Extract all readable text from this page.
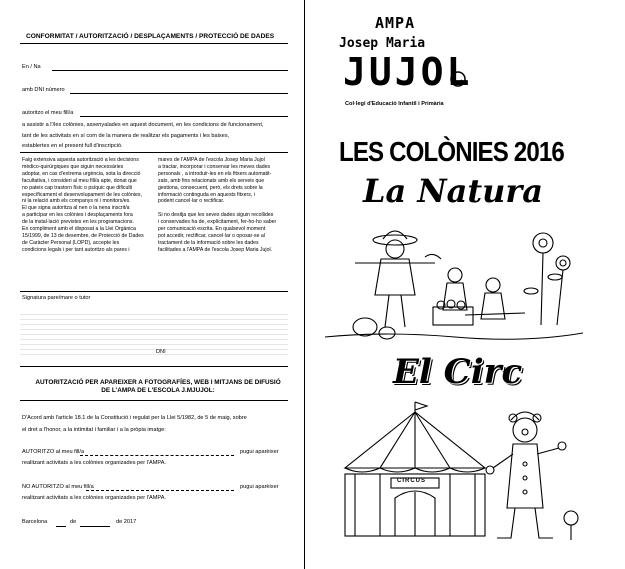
CONFORMITAT / AUTORITZACIÓ / DESPLAÇAMENTS / PROTECCIÓ DE DADES
En / Na
amb DNI número
autoritzo el meu fill/a
a assistir a l'/les colònies, assenyalades en aquest document, en les condicions de funcionament,
tant de les activitats en sí com de la manera de realitzar els pagaments i les baixes,
establertes en el present full d'inscripció.
Faig extensiva aquesta autorització a les decisions
mèdico-quirúrgiques que siguin necessàries
adoptar, en cas d'extrema urgència, sota la direcció
facultativa, i consideri al meu fill/a apte, donat que
no pateix cap trastorn físic o psíquic que dificulti
específicament el desenvolupament de les colònies,
ni la relació amb els companys ni i monitors/es.
El que signa autoritza al nen o la nena inscrit/a
a participar en les colònies i desplaçaments fora
de la instal·lació previstes en les programacions.
En compliment amb el disposat a la Llei Orgànica
15/1999, de 13 de desembre, de Protecció de Dades
de Caràcter Personal (LOPD), accepte les
condicions legals i per tant autoritzo als pares i
mares de l'AMPA de l'escola Josep Maria Jujol
a tractar, incorporar i conservar les meves dades
personals , a introduir-les en els fitxers automatit-
zats, amb fins relacionats amb els serveis que
gestiona, consecuent, però, els drets sobre la
informació continguda en aquests fitxers, i
podent cancel·lar o rectificar.
Si no desitja que les seves dades siguin recollides
i conservades ha de, explícitament, fer-ho-ho saber
per comunicació escrita. En qualsevol moment
pot accedir, rectificar, cancel·lar o oposar-se al
tractament de la informació sobre les dades
facilitades a l'AMPA de l'escola Josep Maria Jujol.
Signatura pare/mare o tutor
DNI
AUTORITZACIÓ PER APAREIXER A FOTOGRAFÍES, WEB I MITJANS DE DIFUSIÓ
DE L'AMPA DE L'ESCOLA J.MJUJOL:
D'Acord amb l'article 18.1 de la Constitució i regulat per la Llei 5/1982, de 5 de maig, sobre
el dret a l'honor, a la intimitat i familiar i a la pròpia imatge:
AUTORITZO al meu fill/a	pugui aparèixer
realitzant activitats a les colònies organizades per l'AMPA.
NO AUTORITZO al meu fill/a	pugui aparèixer
realitzant activitats a les colònies organizades per l'AMPA.
Barcelona	de	de 2017
AMPA
Josep Maria
JUJOL
Col·legi d'Educació Infantil i Primària
LES COLÒNIES 2016
La Natura
El Circ
CIRCUS
